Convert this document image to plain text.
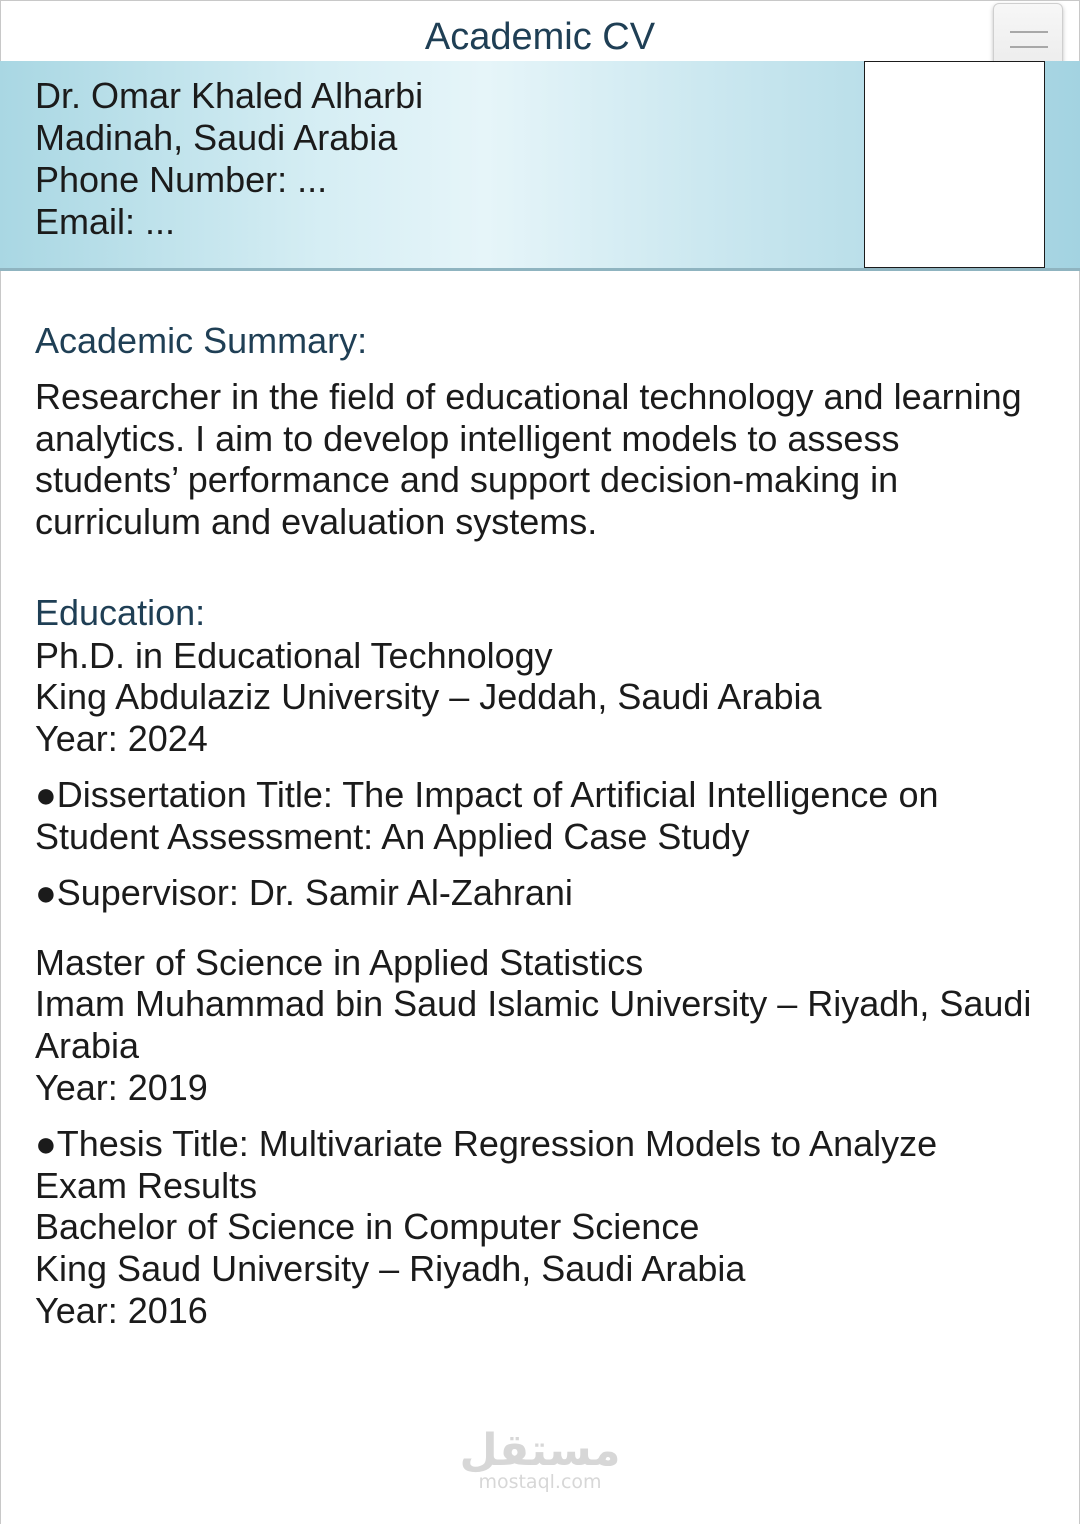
Academic CV
Dr. Omar Khaled Alharbi
Madinah, Saudi Arabia
Phone Number: ...
Email: ...
Academic Summary:
Researcher in the field of educational technology and learning analytics. I aim to develop intelligent models to assess students’ performance and support decision-making in curriculum and evaluation systems.
Education:
Ph.D. in Educational Technology
King Abdulaziz University – Jeddah, Saudi Arabia
Year: 2024
●Dissertation Title: The Impact of Artificial Intelligence on Student Assessment: An Applied Case Study
●Supervisor: Dr. Samir Al-Zahrani
Master of Science in Applied Statistics
Imam Muhammad bin Saud Islamic University – Riyadh, Saudi Arabia
Year: 2019
●Thesis Title: Multivariate Regression Models to Analyze Exam Results
Bachelor of Science in Computer Science
King Saud University – Riyadh, Saudi Arabia
Year: 2016
مستقل
mostaql.com
